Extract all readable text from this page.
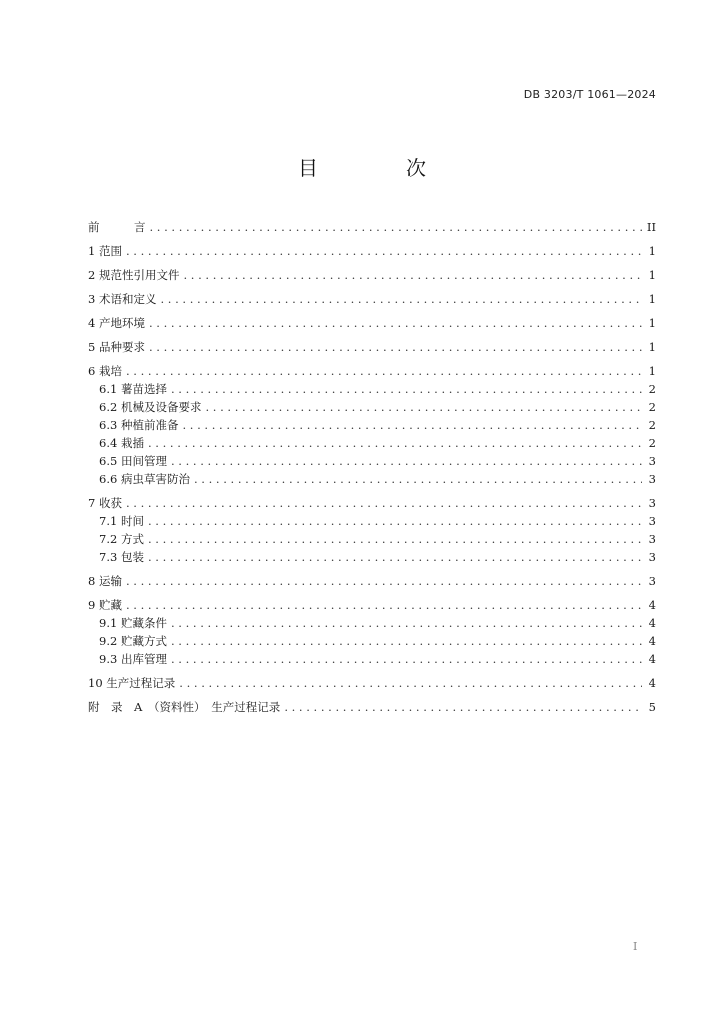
DB 3203/T 1061—2024
目　次
前　　　言 . . .	II
1 范围 . . .	1
2 规范性引用文件 . . .	1
3 术语和定义 . . .	1
4 产地环境 . . .	1
5 品种要求 . . .	1
6 栽培 . . .	1
6.1 薯苗选择 . . .	2
6.2 机械及设备要求 . . .	2
6.3 种植前准备 . . .	2
6.4 栽插 . . .	2
6.5 田间管理 . . .	3
6.6 病虫草害防治 . . .	3
7 收获 . . .	3
7.1 时间 . . .	3
7.2 方式 . . .	3
7.3 包装 . . .	3
8 运输 . . .	3
9 贮藏 . . .	4
9.1 贮藏条件 . . .	4
9.2 贮藏方式 . . .	4
9.3 出库管理 . . .	4
10 生产过程记录 . . .	4
附　录　A　（资料性）　生产过程记录 . . .	5
I
